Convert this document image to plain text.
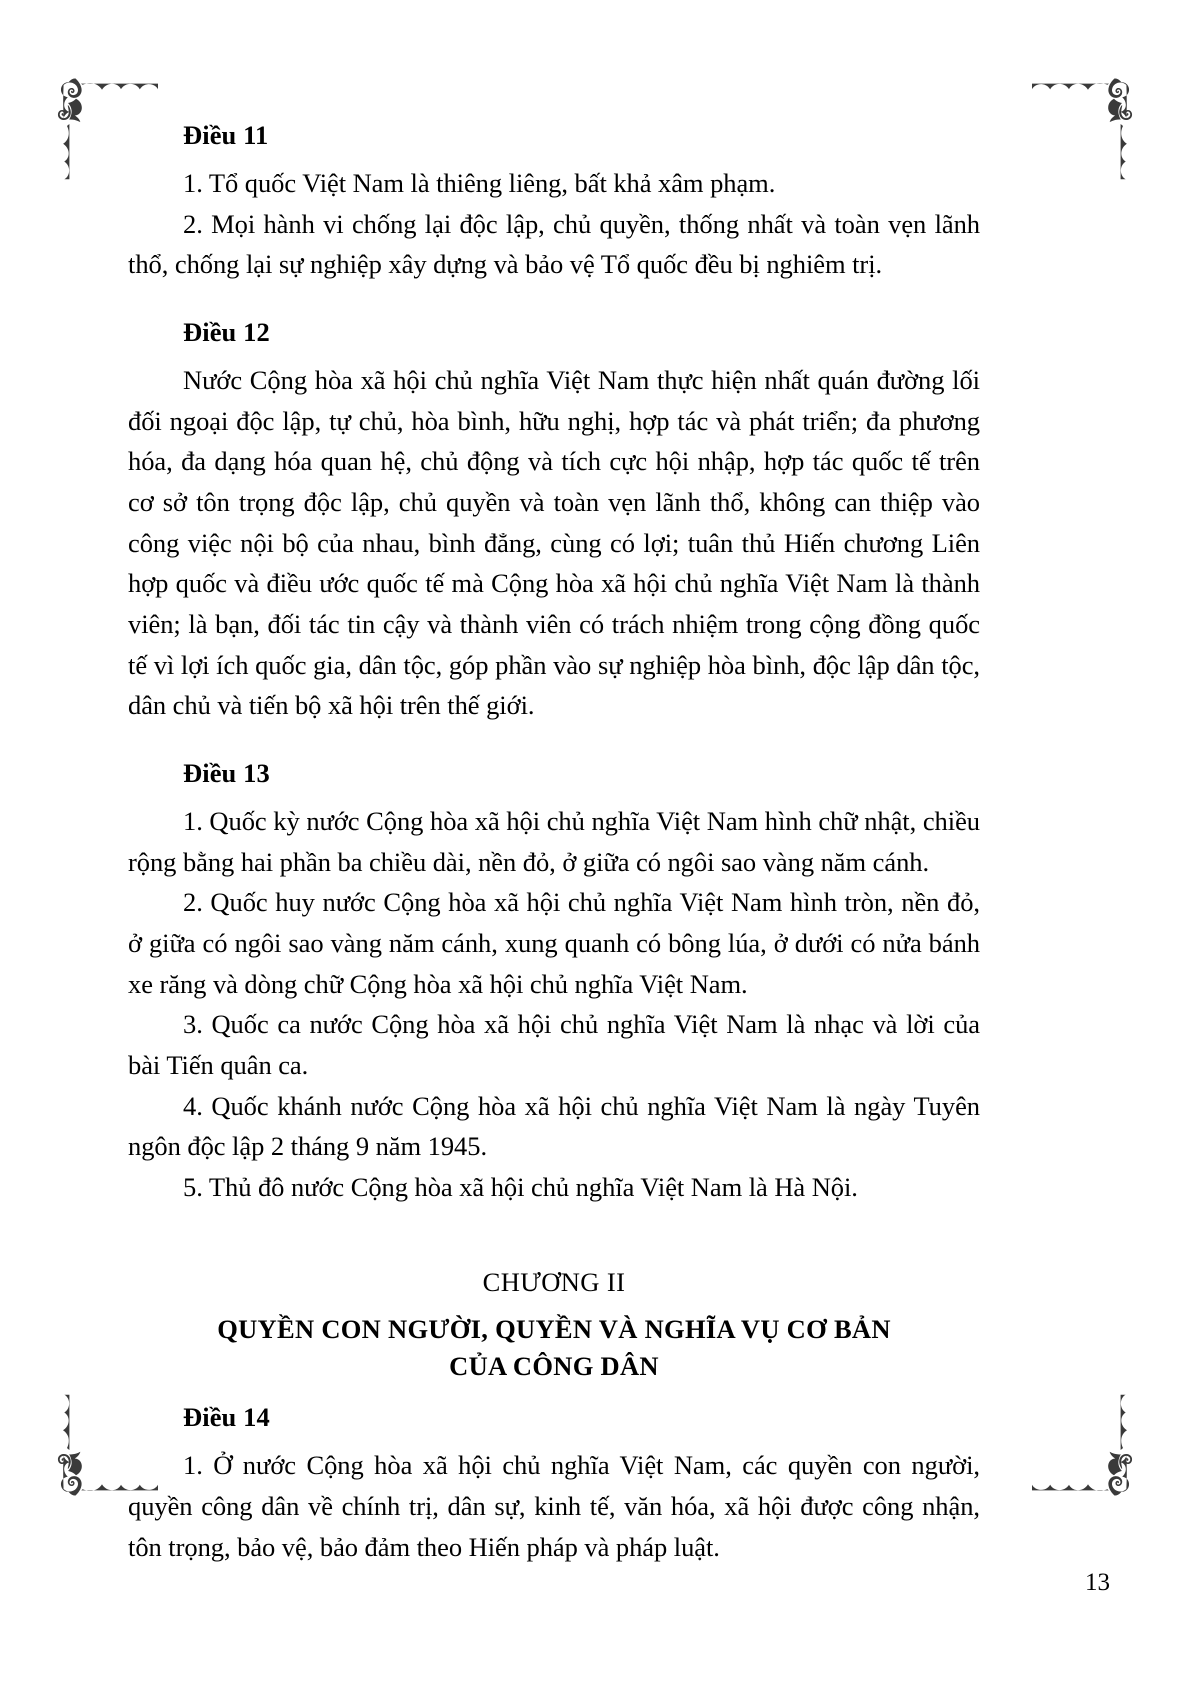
Điều 11

1. Tổ quốc Việt Nam là thiêng liêng, bất khả xâm phạm.

2. Mọi hành vi chống lại độc lập, chủ quyền, thống nhất và toàn vẹn lãnh thổ, chống lại sự nghiệp xây dựng và bảo vệ Tổ quốc đều bị nghiêm trị.

Điều 12

Nước Cộng hòa xã hội chủ nghĩa Việt Nam thực hiện nhất quán đường lối đối ngoại độc lập, tự chủ, hòa bình, hữu nghị, hợp tác và phát triển; đa phương hóa, đa dạng hóa quan hệ, chủ động và tích cực hội nhập, hợp tác quốc tế trên cơ sở tôn trọng độc lập, chủ quyền và toàn vẹn lãnh thổ, không can thiệp vào công việc nội bộ của nhau, bình đẳng, cùng có lợi; tuân thủ Hiến chương Liên hợp quốc và điều ước quốc tế mà Cộng hòa xã hội chủ nghĩa Việt Nam là thành viên; là bạn, đối tác tin cậy và thành viên có trách nhiệm trong cộng đồng quốc tế vì lợi ích quốc gia, dân tộc, góp phần vào sự nghiệp hòa bình, độc lập dân tộc, dân chủ và tiến bộ xã hội trên thế giới.

Điều 13

1. Quốc kỳ nước Cộng hòa xã hội chủ nghĩa Việt Nam hình chữ nhật, chiều rộng bằng hai phần ba chiều dài, nền đỏ, ở giữa có ngôi sao vàng năm cánh.

2. Quốc huy nước Cộng hòa xã hội chủ nghĩa Việt Nam hình tròn, nền đỏ, ở giữa có ngôi sao vàng năm cánh, xung quanh có bông lúa, ở dưới có nửa bánh xe răng và dòng chữ Cộng hòa xã hội chủ nghĩa Việt Nam.

3. Quốc ca nước Cộng hòa xã hội chủ nghĩa Việt Nam là nhạc và lời của bài Tiến quân ca.

4. Quốc khánh nước Cộng hòa xã hội chủ nghĩa Việt Nam là ngày Tuyên ngôn độc lập 2 tháng 9 năm 1945.

5. Thủ đô nước Cộng hòa xã hội chủ nghĩa Việt Nam là Hà Nội.

CHƯƠNG II
QUYỀN CON NGƯỜI, QUYỀN VÀ NGHĨA VỤ CƠ BẢN
CỦA CÔNG DÂN
Điều 14

1. Ở nước Cộng hòa xã hội chủ nghĩa Việt Nam, các quyền con người, quyền công dân về chính trị, dân sự, kinh tế, văn hóa, xã hội được công nhận, tôn trọng, bảo vệ, bảo đảm theo Hiến pháp và pháp luật.

13
